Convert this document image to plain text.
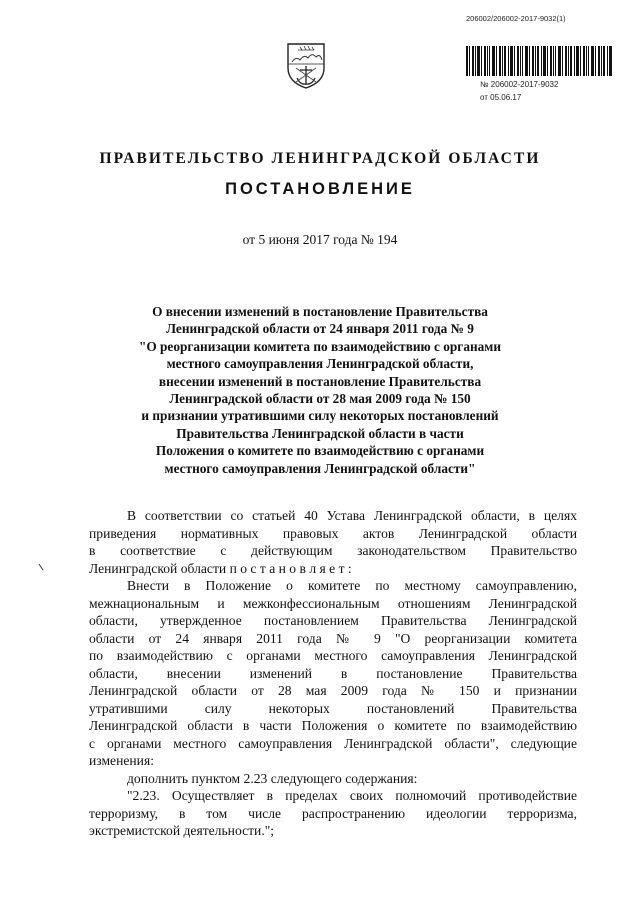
206002/206002-2017-9032(1)
№ 206002-2017-9032
от 05.06.17
ПРАВИТЕЛЬСТВО ЛЕНИНГРАДСКОЙ ОБЛАСТИ
ПОСТАНОВЛЕНИЕ
от 5 июня 2017 года № 194
О внесении изменений в постановление Правительства
Ленинградской области от 24 января 2011 года № 9
"О реорганизации комитета по взаимодействию с органами
местного самоуправления Ленинградской области,
внесении изменений в постановление Правительства
Ленинградской области от 28 мая 2009 года № 150
и признании утратившими силу некоторых постановлений
Правительства Ленинградской области в части
Положения о комитете по взаимодействию с органами
местного самоуправления Ленинградской области"
В соответствии со статьей 40 Устава Ленинградской области, в целях
приведения нормативных правовых актов Ленинградской области
в соответствие с действующим законодательством Правительство
Ленинградской области п о с т а н о в л я е т :
Внести в Положение о комитете по местному самоуправлению,
межнациональным и межконфессиональным отношениям Ленинградской
области, утвержденное постановлением Правительства Ленинградской
области от 24 января 2011 года № 9 "О реорганизации комитета
по взаимодействию с органами местного самоуправления Ленинградской
области, внесении изменений в постановление Правительства
Ленинградской области от 28 мая 2009 года № 150 и признании
утратившими силу некоторых постановлений Правительства
Ленинградской области в части Положения о комитете по взаимодействию
с органами местного самоуправления Ленинградской области", следующие
изменения:
дополнить пунктом 2.23 следующего содержания:
"2.23. Осуществляет в пределах своих полномочий противодействие
терроризму, в том числе распространению идеологии терроризма,
экстремистской деятельности.";
